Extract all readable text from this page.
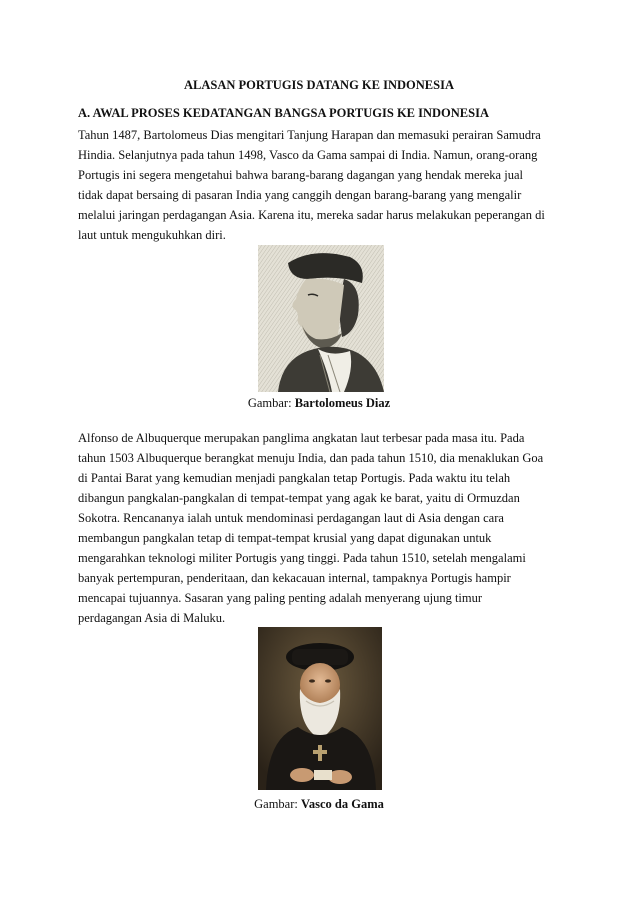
ALASAN PORTUGIS DATANG KE INDONESIA
A. AWAL PROSES KEDATANGAN BANGSA PORTUGIS KE INDONESIA
Tahun 1487, Bartolomeus Dias mengitari Tanjung Harapan dan memasuki perairan Samudra
Hindia. Selanjutnya pada tahun 1498, Vasco da Gama sampai di India. Namun, orang-orang
Portugis ini segera mengetahui bahwa barang-barang dagangan yang hendak mereka jual
tidak dapat bersaing di pasaran India yang canggih dengan barang-barang yang mengalir
melalui jaringan perdagangan Asia. Karena itu, mereka sadar harus melakukan peperangan di
laut untuk mengukuhkan diri.
Gambar: Bartolomeus Diaz
Alfonso de Albuquerque merupakan panglima angkatan laut terbesar pada masa itu. Pada
tahun 1503 Albuquerque berangkat menuju India, dan pada tahun 1510, dia menaklukan Goa
di Pantai Barat yang kemudian menjadi pangkalan tetap Portugis. Pada waktu itu telah
dibangun pangkalan-pangkalan di tempat-tempat yang agak ke barat, yaitu di Ormuzdan
Sokotra. Rencananya ialah untuk mendominasi perdagangan laut di Asia dengan cara
membangun pangkalan tetap di tempat-tempat krusial yang dapat digunakan untuk
mengarahkan teknologi militer Portugis yang tinggi. Pada tahun 1510, setelah mengalami
banyak pertempuran, penderitaan, dan kekacauan internal, tampaknya Portugis hampir
mencapai tujuannya. Sasaran yang paling penting adalah menyerang ujung timur
perdagangan Asia di Maluku.
Gambar: Vasco da Gama
